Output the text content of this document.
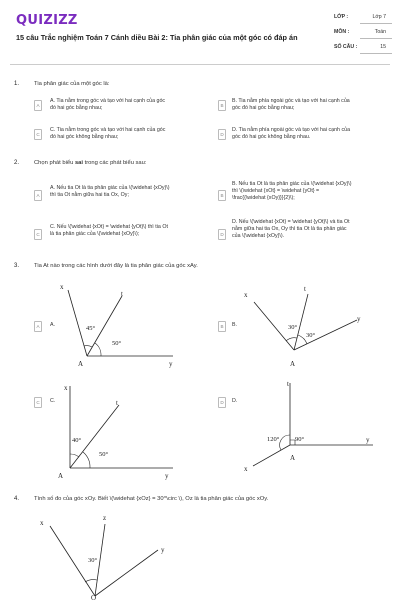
QUIZIZZ
15 câu Trắc nghiệm Toán 7 Cánh diều Bài 2: Tia phân giác của một góc có đáp án
LỚP :	Lớp 7
MÔN :	Toán
SỐ CÂU :	15
1.	Tia phân giác của một góc là:
A
A. Tia nằm trong góc và tạo với hai cạnh của góc
đó hai góc bằng nhau;	B
B. Tia nằm phía ngoài góc và tạo với hai cạnh của
góc đó hai góc bằng nhau;
C
C. Tia nằm trong góc và tạo với hai cạnh của góc
đó hai góc không bằng nhau;	D
D. Tia nằm phía ngoài góc và tạo với hai cạnh của
góc đó hai góc không bằng nhau.
2.	Chọn phát biểu sai trong các phát biểu sau:
A
A. Nếu tia Ot là tia phân giác của \(\widehat {xOy}\)
thì tia Ot nằm giữa hai tia Ox, Oy;	B
B. Nếu tia Ot là tia phân giác của \(\widehat {xOy}\)
thì \(\widehat {xOt} = \widehat {yOt} =
\frac{{\widehat {xOy}}}{2}\);
C
C. Nếu \(\widehat {xOt} = \widehat {yOt}\) thì tia Ot
là tia phân giác của \(\widehat {xOy}\);	D
D. Nếu \(\widehat {xOt} = \widehat {yOt}\) và tia Ot
nằm giữa hai tia Ox, Oy thì tia Ot là tia phân giác
của \(\widehat {xOy}\).
3.	Tia At nào trong các hình dưới đây là tia phân giác của góc xAy.
A	A.
x
t
y
A
45°
50°
B	B.
x
t
y
A
30°
30°
C	C.
x
t
y
A
40°
50°
D	D.
x
t
y
A
120° 90°
4.	Tính số đo của góc xOy. Biết \(\widehat {xOz} = 30^\circ \), Oz là tia phân giác của góc xOy.
x
z
y
O
30°
